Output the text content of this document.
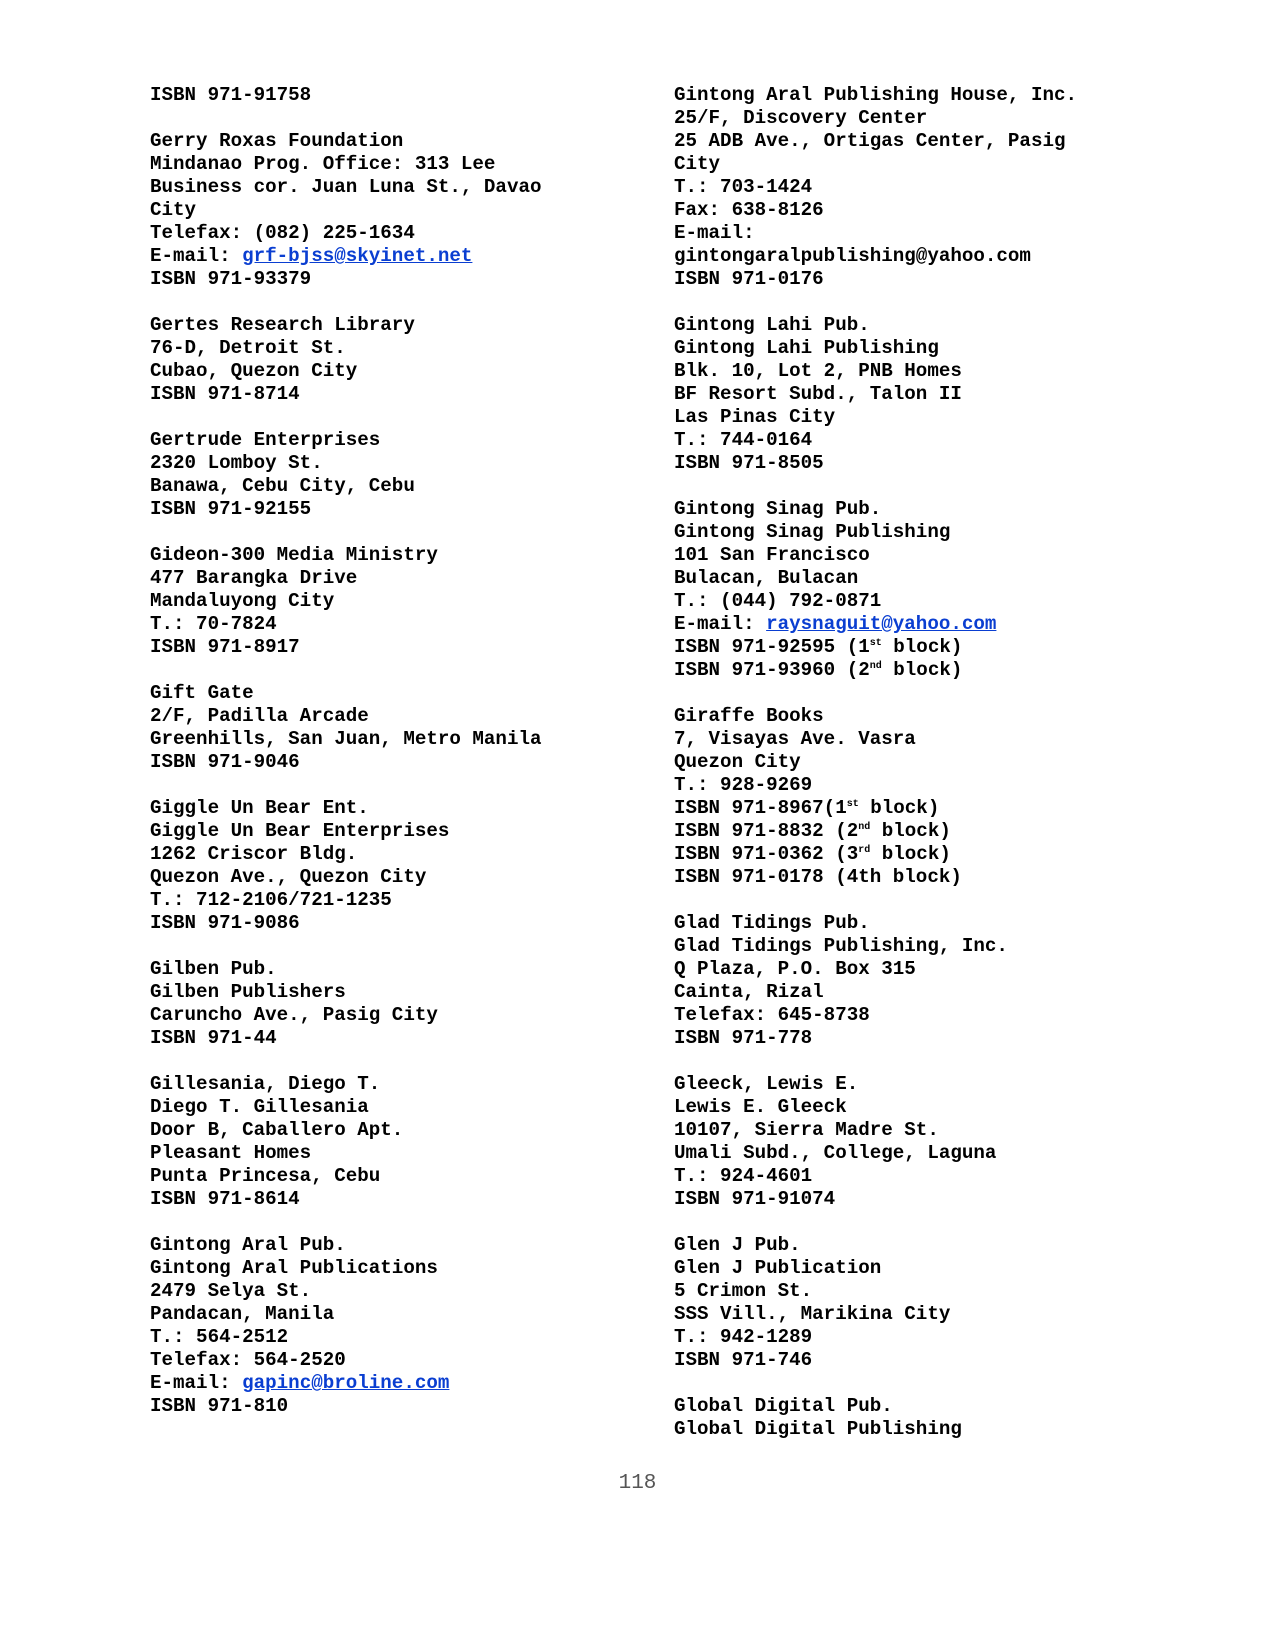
ISBN 971-91758
Gerry Roxas Foundation
Mindanao Prog. Office: 313 Lee
Business cor. Juan Luna St., Davao
City
Telefax: (082) 225-1634
E-mail: grf-bjss@skyinet.net
ISBN 971-93379
Gertes Research Library
76-D, Detroit St.
Cubao, Quezon City
ISBN 971-8714
Gertrude Enterprises
2320 Lomboy St.
Banawa, Cebu City, Cebu
ISBN 971-92155
Gideon-300 Media Ministry
477 Barangka Drive
Mandaluyong City
T.: 70-7824
ISBN 971-8917
Gift Gate
2/F, Padilla Arcade
Greenhills, San Juan, Metro Manila
ISBN 971-9046
Giggle Un Bear Ent.
Giggle Un Bear Enterprises
1262 Criscor Bldg.
Quezon Ave., Quezon City
T.: 712-2106/721-1235
ISBN 971-9086
Gilben Pub.
Gilben Publishers
Caruncho Ave., Pasig City
ISBN 971-44
Gillesania, Diego T.
Diego T. Gillesania
Door B, Caballero Apt.
Pleasant Homes
Punta Princesa, Cebu
ISBN 971-8614
Gintong Aral Pub.
Gintong Aral Publications
2479 Selya St.
Pandacan, Manila
T.: 564-2512
Telefax: 564-2520
E-mail: gapinc@broline.com
ISBN 971-810
Gintong Aral Publishing House, Inc.
25/F, Discovery Center
25 ADB Ave., Ortigas Center, Pasig
City
T.: 703-1424
Fax: 638-8126
E-mail:
gintongaralpublishing@yahoo.com
ISBN 971-0176
Gintong Lahi Pub.
Gintong Lahi Publishing
Blk. 10, Lot 2, PNB Homes
BF Resort Subd., Talon II
Las Pinas City
T.: 744-0164
ISBN 971-8505
Gintong Sinag Pub.
Gintong Sinag Publishing
101 San Francisco
Bulacan, Bulacan
T.: (044) 792-0871
E-mail: raysnaguit@yahoo.com
ISBN 971-92595 (1st block)
ISBN 971-93960 (2nd block)
Giraffe Books
7, Visayas Ave. Vasra
Quezon City
T.: 928-9269
ISBN 971-8967(1st block)
ISBN 971-8832 (2nd block)
ISBN 971-0362 (3rd block)
ISBN 971-0178 (4th block)
Glad Tidings Pub.
Glad Tidings Publishing, Inc.
Q Plaza, P.O. Box 315
Cainta, Rizal
Telefax: 645-8738
ISBN 971-778
Gleeck, Lewis E.
Lewis E. Gleeck
10107, Sierra Madre St.
Umali Subd., College, Laguna
T.: 924-4601
ISBN 971-91074
Glen J Pub.
Glen J Publication
5 Crimon St.
SSS Vill., Marikina City
T.: 942-1289
ISBN 971-746
Global Digital Pub.
Global Digital Publishing
118
